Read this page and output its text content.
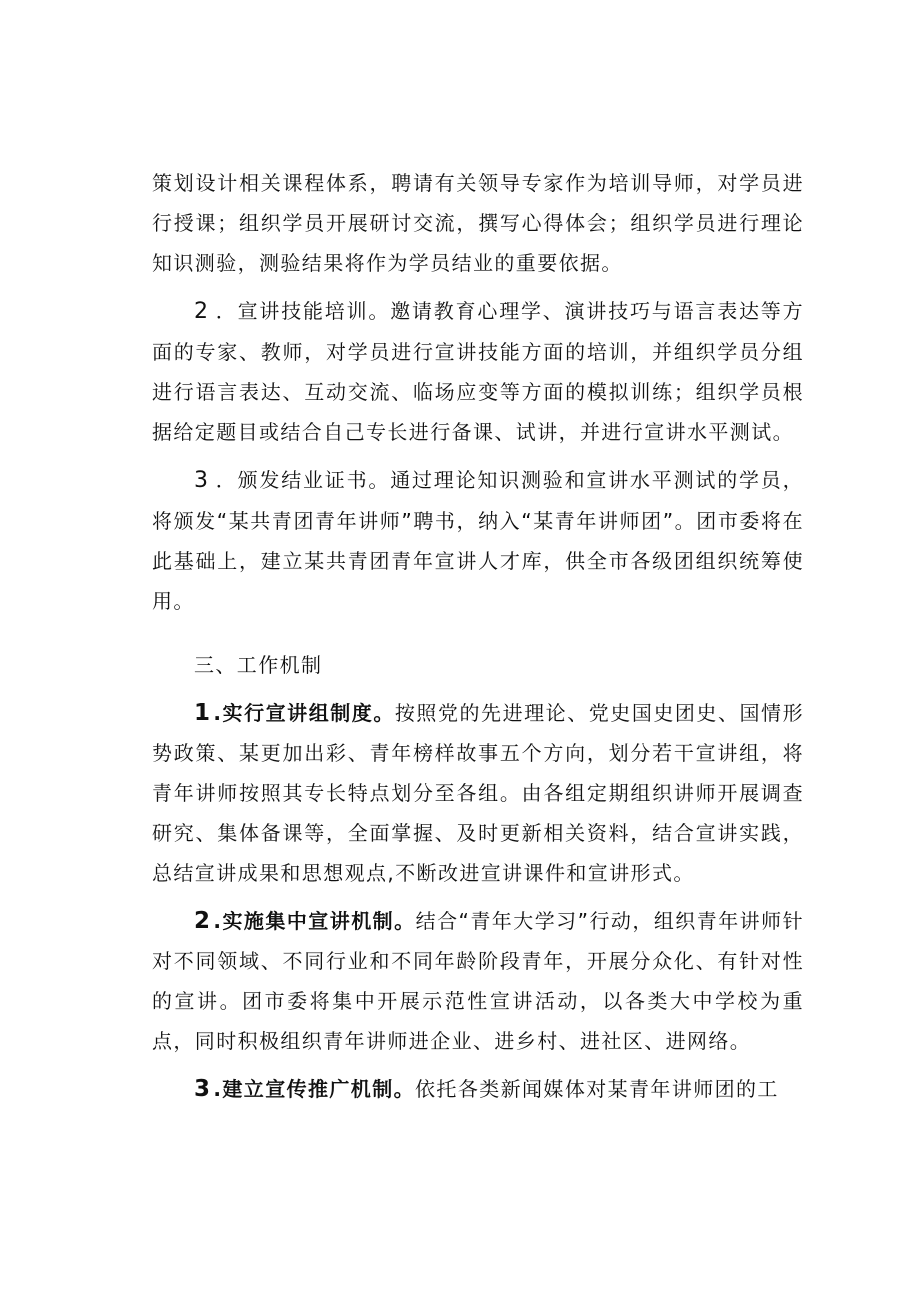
策划设计相关课程体系，聘请有关领导专家作为培训导师，对学员进行授课；组织学员开展研讨交流，撰写心得体会；组织学员进行理论知识测验，测验结果将作为学员结业的重要依据。

2 ．宣讲技能培训。邀请教育心理学、演讲技巧与语言表达等方面的专家、教师，对学员进行宣讲技能方面的培训，并组织学员分组进行语言表达、互动交流、临场应变等方面的模拟训练；组织学员根据给定题目或结合自己专长进行备课、试讲，并进行宣讲水平测试。

3 ．颁发结业证书。通过理论知识测验和宣讲水平测试的学员，将颁发“某共青团青年讲师”聘书，纳入“某青年讲师团”。团市委将在此基础上，建立某共青团青年宣讲人才库，供全市各级团组织统筹使用。

三、工作机制

1 .实行宣讲组制度。按照党的先进理论、党史国史团史、国情形势政策、某更加出彩、青年榜样故事五个方向，划分若干宣讲组，将青年讲师按照其专长特点划分至各组。由各组定期组织讲师开展调查研究、集体备课等，全面掌握、及时更新相关资料，结合宣讲实践，总结宣讲成果和思想观点,不断改进宣讲课件和宣讲形式。

2 .实施集中宣讲机制。结合“青年大学习”行动，组织青年讲师针对不同领域、不同行业和不同年龄阶段青年，开展分众化、有针对性的宣讲。团市委将集中开展示范性宣讲活动，以各类大中学校为重点，同时积极组织青年讲师进企业、进乡村、进社区、进网络。

3 .建立宣传推广机制。依托各类新闻媒体对某青年讲师团的工
